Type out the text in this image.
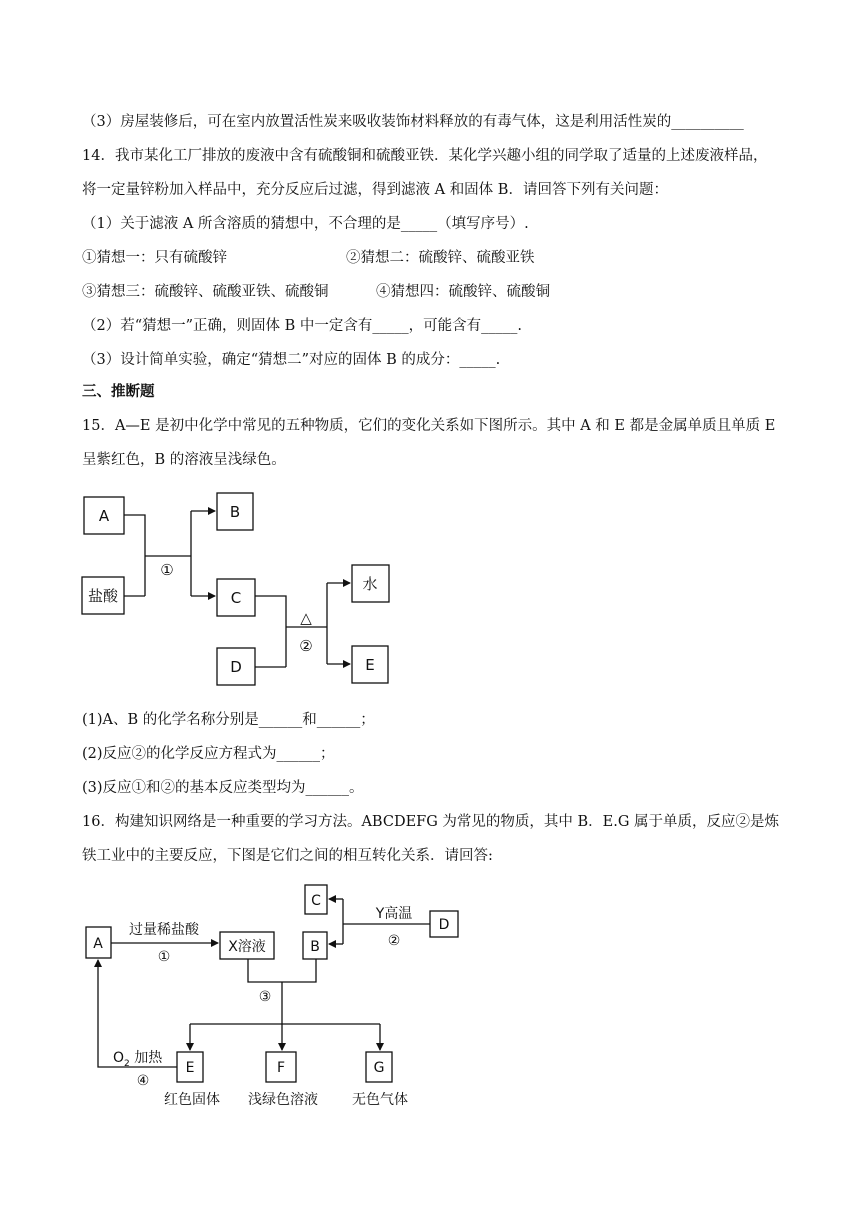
（3）房屋装修后，可在室内放置活性炭来吸收装饰材料释放的有毒气体，这是利用活性炭的__________
14．我市某化工厂排放的废液中含有硫酸铜和硫酸亚铁．某化学兴趣小组的同学取了适量的上述废液样品，
将一定量锌粉加入样品中，充分反应后过滤，得到滤液 A 和固体 B．请回答下列有关问题：
（1）关于滤液 A 所含溶质的猜想中，不合理的是_____（填写序号）.
①猜想一：只有硫酸锌	②猜想二：硫酸锌、硫酸亚铁
③猜想三：硫酸锌、硫酸亚铁、硫酸铜	④猜想四：硫酸锌、硫酸铜
（2）若“猜想一”正确，则固体 B 中一定含有_____，可能含有_____.
（3）设计简单实验，确定“猜想二”对应的固体 B 的成分：_____.
三、推断题
15．A—E 是初中化学中常见的五种物质，它们的变化关系如下图所示。其中 A 和 E 都是金属单质且单质 E
呈紫红色，B 的溶液呈浅绿色。
A
盐酸
B
C
D
水
E
①
△
②
(1)A、B 的化学名称分别是______和______；
(2)反应②的化学反应方程式为______；
(3)反应①和②的基本反应类型均为______。
16．构建知识网络是一种重要的学习方法。ABCDEFG 为常见的物质，其中 B．E.G 属于单质，反应②是炼
铁工业中的主要反应，下图是它们之间的相互转化关系．请回答:
A	X溶液	B
C
D
E	F	G
过量稀盐酸
①
Y高温
②
③
④
红色固体 浅绿色溶液 无色气体
$O_2$ 加热
